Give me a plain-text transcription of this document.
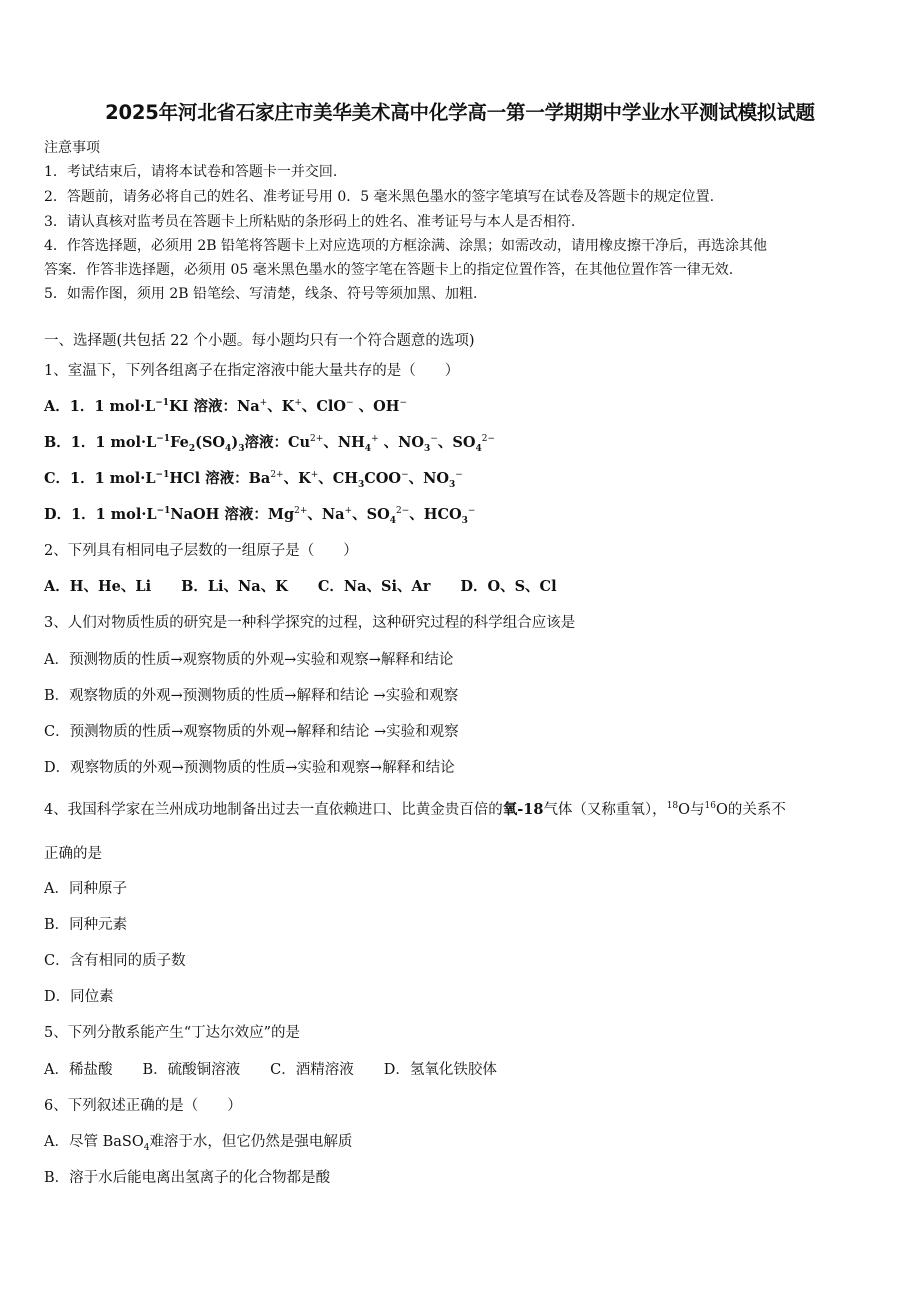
2025年河北省石家庄市美华美术高中化学高一第一学期期中学业水平测试模拟试题
注意事项
1．考试结束后，请将本试卷和答题卡一并交回.
2．答题前，请务必将自己的姓名、准考证号用 0．5 毫米黑色墨水的签字笔填写在试卷及答题卡的规定位置.
3．请认真核对监考员在答题卡上所粘贴的条形码上的姓名、准考证号与本人是否相符.
4．作答选择题，必须用 2B 铅笔将答题卡上对应选项的方框涂满、涂黑；如需改动，请用橡皮擦干净后，再选涂其他
答案．作答非选择题，必须用 05 毫米黑色墨水的签字笔在答题卡上的指定位置作答，在其他位置作答一律无效.
5．如需作图，须用 2B 铅笔绘、写清楚，线条、符号等须加黑、加粗.
一、选择题(共包括 22 个小题。每小题均只有一个符合题意的选项)
1、室温下，下列各组离子在指定溶液中能大量共存的是（　　）
A．1．1 $mol\cdot L^{-1}KI$ 溶液：Na+、K+、ClO− 、OH−
B．1．1 $mol\cdot L^{-1}Fe_2(SO_4)_3$溶液：$Cu^{2+}$、$NH_4^+$ 、$NO_3^-$、$SO_4^{2-}$
C．1．1 $mol\cdot L^{-1}HCl$ 溶液：$Ba^{2+}$、K+、$CH_3COO^-$、$NO_3^-$
D．1．1 $mol\cdot L^{-1}NaOH$ 溶液：$Mg^{2+}$、Na+、$SO_4^{2-}$、$HCO_3^-$
2、下列具有相同电子层数的一组原子是（　　）
A．H、He、Li B．Li、Na、K C．Na、Si、Ar D．O、S、Cl
3、人们对物质性质的研究是一种科学探究的过程，这种研究过程的科学组合应该是
A．预测物质的性质→观察物质的外观→实验和观察→解释和结论
B．观察物质的外观→预测物质的性质→解释和结论 →实验和观察
C．预测物质的性质→观察物质的外观→解释和结论 →实验和观察
D．观察物质的外观→预测物质的性质→实验和观察→解释和结论
4、我国科学家在兰州成功地制备出过去一直依赖进口、比黄金贵百倍的氧-18气体（又称重氧），$^{18}$O与$^{16}$O的关系不
正确的是
A．同种原子
B．同种元素
C．含有相同的质子数
D．同位素
5、下列分散系能产生“丁达尔效应”的是
A．稀盐酸 B．硫酸铜溶液 C．酒精溶液 D．氢氧化铁胶体
6、下列叙述正确的是（　　）
A．尽管 BaSO$_4$难溶于水，但它仍然是强电解质
B．溶于水后能电离出氢离子的化合物都是酸
